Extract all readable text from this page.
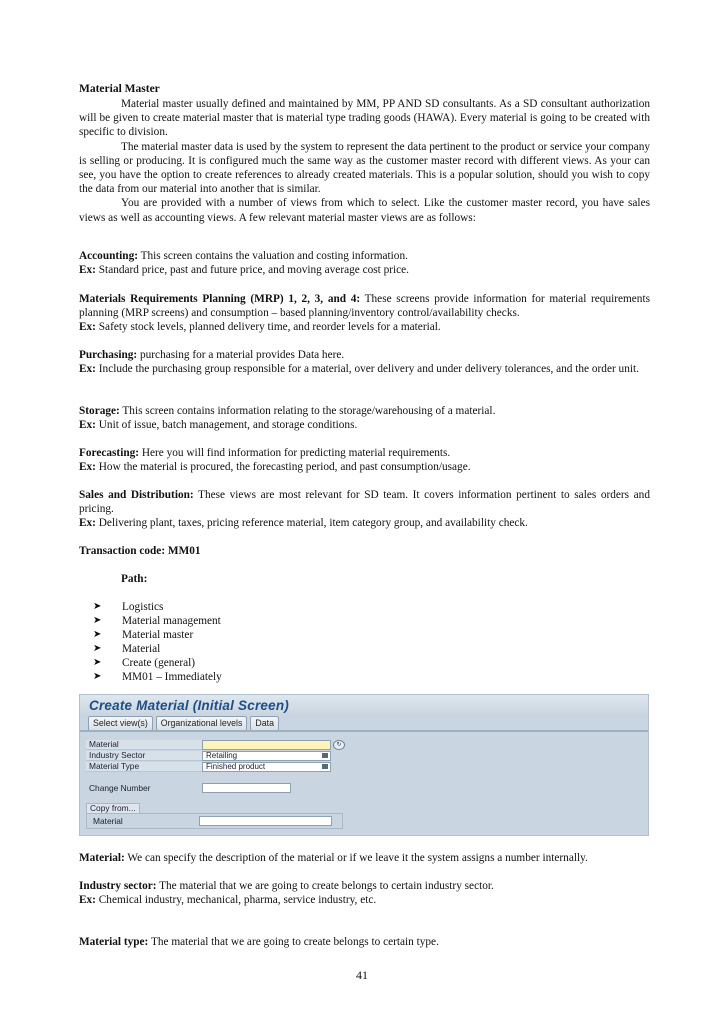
Material Master

Material master usually defined and maintained by MM, PP AND SD consultants. As a SD consultant authorization will be given to create material master that is material type trading goods (HAWA). Every material is going to be created with specific to division.

The material master data is used by the system to represent the data pertinent to the product or service your company is selling or producing. It is configured much the same way as the customer master record with different views. As your can see, you have the option to create references to already created materials. This is a popular solution, should you wish to copy the data from our material into another that is similar.

You are provided with a number of views from which to select. Like the customer master record, you have sales views as well as accounting views. A few relevant material master views are as follows:

Accounting: This screen contains the valuation and costing information.

Ex: Standard price, past and future price, and moving average cost price.

Materials Requirements Planning (MRP) 1, 2, 3, and 4: These screens provide information for material requirements planning (MRP screens) and consumption – based planning/inventory control/availability checks.

Ex: Safety stock levels, planned delivery time, and reorder levels for a material.

Purchasing: purchasing for a material provides Data here.

Ex: Include the purchasing group responsible for a material, over delivery and under delivery tolerances, and the order unit.

Storage: This screen contains information relating to the storage/warehousing of a material.

Ex: Unit of issue, batch management, and storage conditions.

Forecasting: Here you will find information for predicting material requirements.

Ex: How the material is procured, the forecasting period, and past consumption/usage.

Sales and Distribution: These views are most relevant for SD team. It covers information pertinent to sales orders and pricing.

Ex: Delivering plant, taxes, pricing reference material, item category group, and availability check.

Transaction code: MM01

Path:

Material: We can specify the description of the material or if we leave it the system assigns a number internally.

Industry sector: The material that we are going to create belongs to certain industry sector.

Ex: Chemical industry, mechanical, pharma, service industry, etc.

Material type: The material that we are going to create belongs to certain type.

➤	Logistics
➤	Material management
➤	Material master
➤	Material
➤	Create (general)
➤	MM01 – Immediately
Create Material (Initial Screen)
Select view(s)	Organizational levels	Data
Material	↻
Industry Sector	Retailing
Material Type	Finished product
Change Number
Copy from...
Material
41
